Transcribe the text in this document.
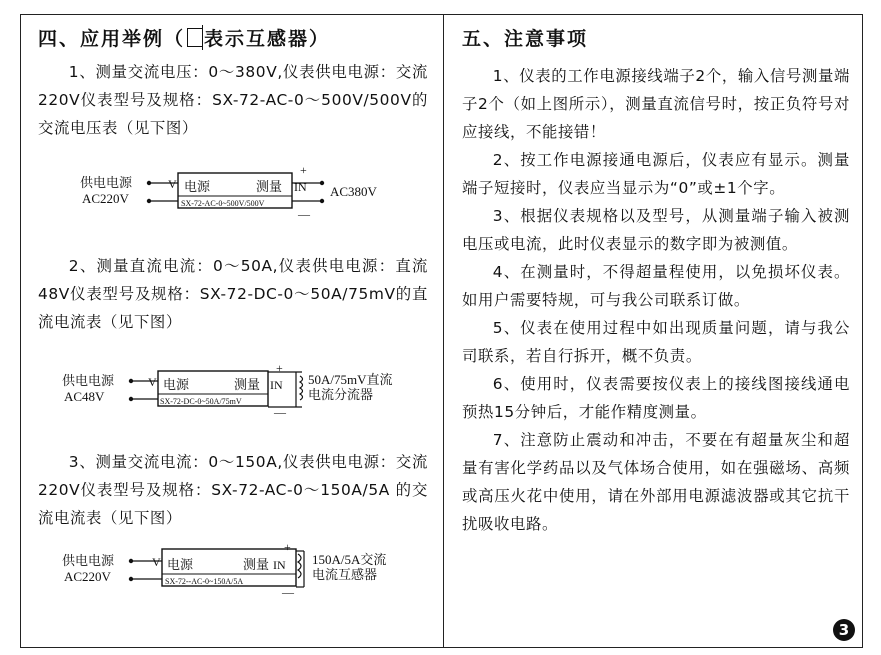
四、应用举例（ 表示互感器）

1、测量交流电压：0～380V,仪表供电电源：交流220V仪表型号及规格：SX-72-AC-0～500V/500V的交流电压表（见下图）

供电电源
AC220V
V 电源	测量
SX-72-AC-0~500V/500V
IN
+
—
AC380V

2、测量直流电流：0～50A,仪表供电电源：直流48V仪表型号及规格：SX-72-DC-0～50A/75mV的直流电流表（见下图）

供电电源
AC48V
V 电源	测量
SX-72-DC-0~50A/75mV
IN
+
—
50A/75mV直流
电流分流器

3、测量交流电流：0～150A,仪表供电电源：交流220V仪表型号及规格：SX-72-AC-0～150A/5A 的交流电流表（见下图）

供电电源
AC220V
V 电源	测量
SX-72--AC-0~150A/5A
IN
+
—
150A/5A交流
电流互感器
五、注意事项

1、仪表的工作电源接线端子2个，输入信号测量端子2个（如上图所示），测量直流信号时，按正负符号对应接线，不能接错！

2、按工作电源接通电源后，仪表应有显示。测量端子短接时，仪表应当显示为“0”或±1个字。

3、根据仪表规格以及型号，从测量端子输入被测电压或电流，此时仪表显示的数字即为被测值。

4、在测量时，不得超量程使用，以免损坏仪表。如用户需要特规，可与我公司联系订做。

5、仪表在使用过程中如出现质量问题，请与我公司联系，若自行拆开，概不负责。

6、使用时，仪表需要按仪表上的接线图接线通电预热15分钟后，才能作精度测量。

7、注意防止震动和冲击，不要在有超量灰尘和超量有害化学药品以及气体场合使用，如在强磁场、高频或高压火花中使用，请在外部用电源滤波器或其它抗干扰吸收电路。

3
